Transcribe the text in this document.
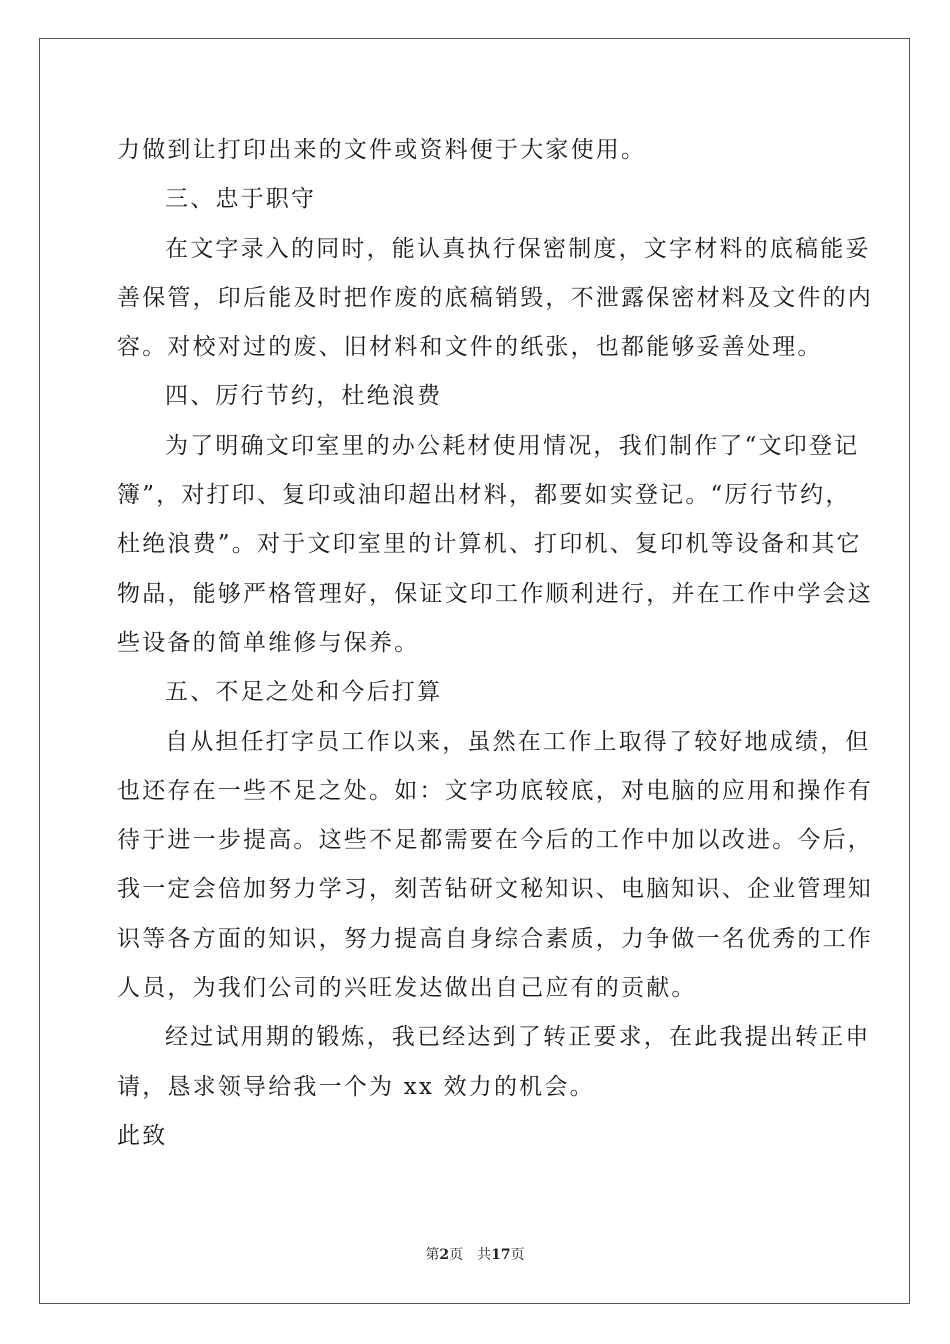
力做到让打印出来的文件或资料便于大家使用。
三、忠于职守
在文字录入的同时，能认真执行保密制度，文字材料的底稿能妥
善保管，印后能及时把作废的底稿销毁，不泄露保密材料及文件的内
容。对校对过的废、旧材料和文件的纸张，也都能够妥善处理。
四、厉行节约，杜绝浪费
为了明确文印室里的办公耗材使用情况，我们制作了“文印登记
簿”，对打印、复印或油印超出材料，都要如实登记。“厉行节约，
杜绝浪费”。对于文印室里的计算机、打印机、复印机等设备和其它
物品，能够严格管理好，保证文印工作顺利进行，并在工作中学会这
些设备的简单维修与保养。
五、不足之处和今后打算
自从担任打字员工作以来，虽然在工作上取得了较好地成绩，但
也还存在一些不足之处。如：文字功底较底，对电脑的应用和操作有
待于进一步提高。这些不足都需要在今后的工作中加以改进。今后，
我一定会倍加努力学习，刻苦钻研文秘知识、电脑知识、企业管理知
识等各方面的知识，努力提高自身综合素质，力争做一名优秀的工作
人员，为我们公司的兴旺发达做出自己应有的贡献。
经过试用期的锻炼，我已经达到了转正要求，在此我提出转正申
请，恳求领导给我一个为 xx 效力的机会。
此致
第2页 共17页
